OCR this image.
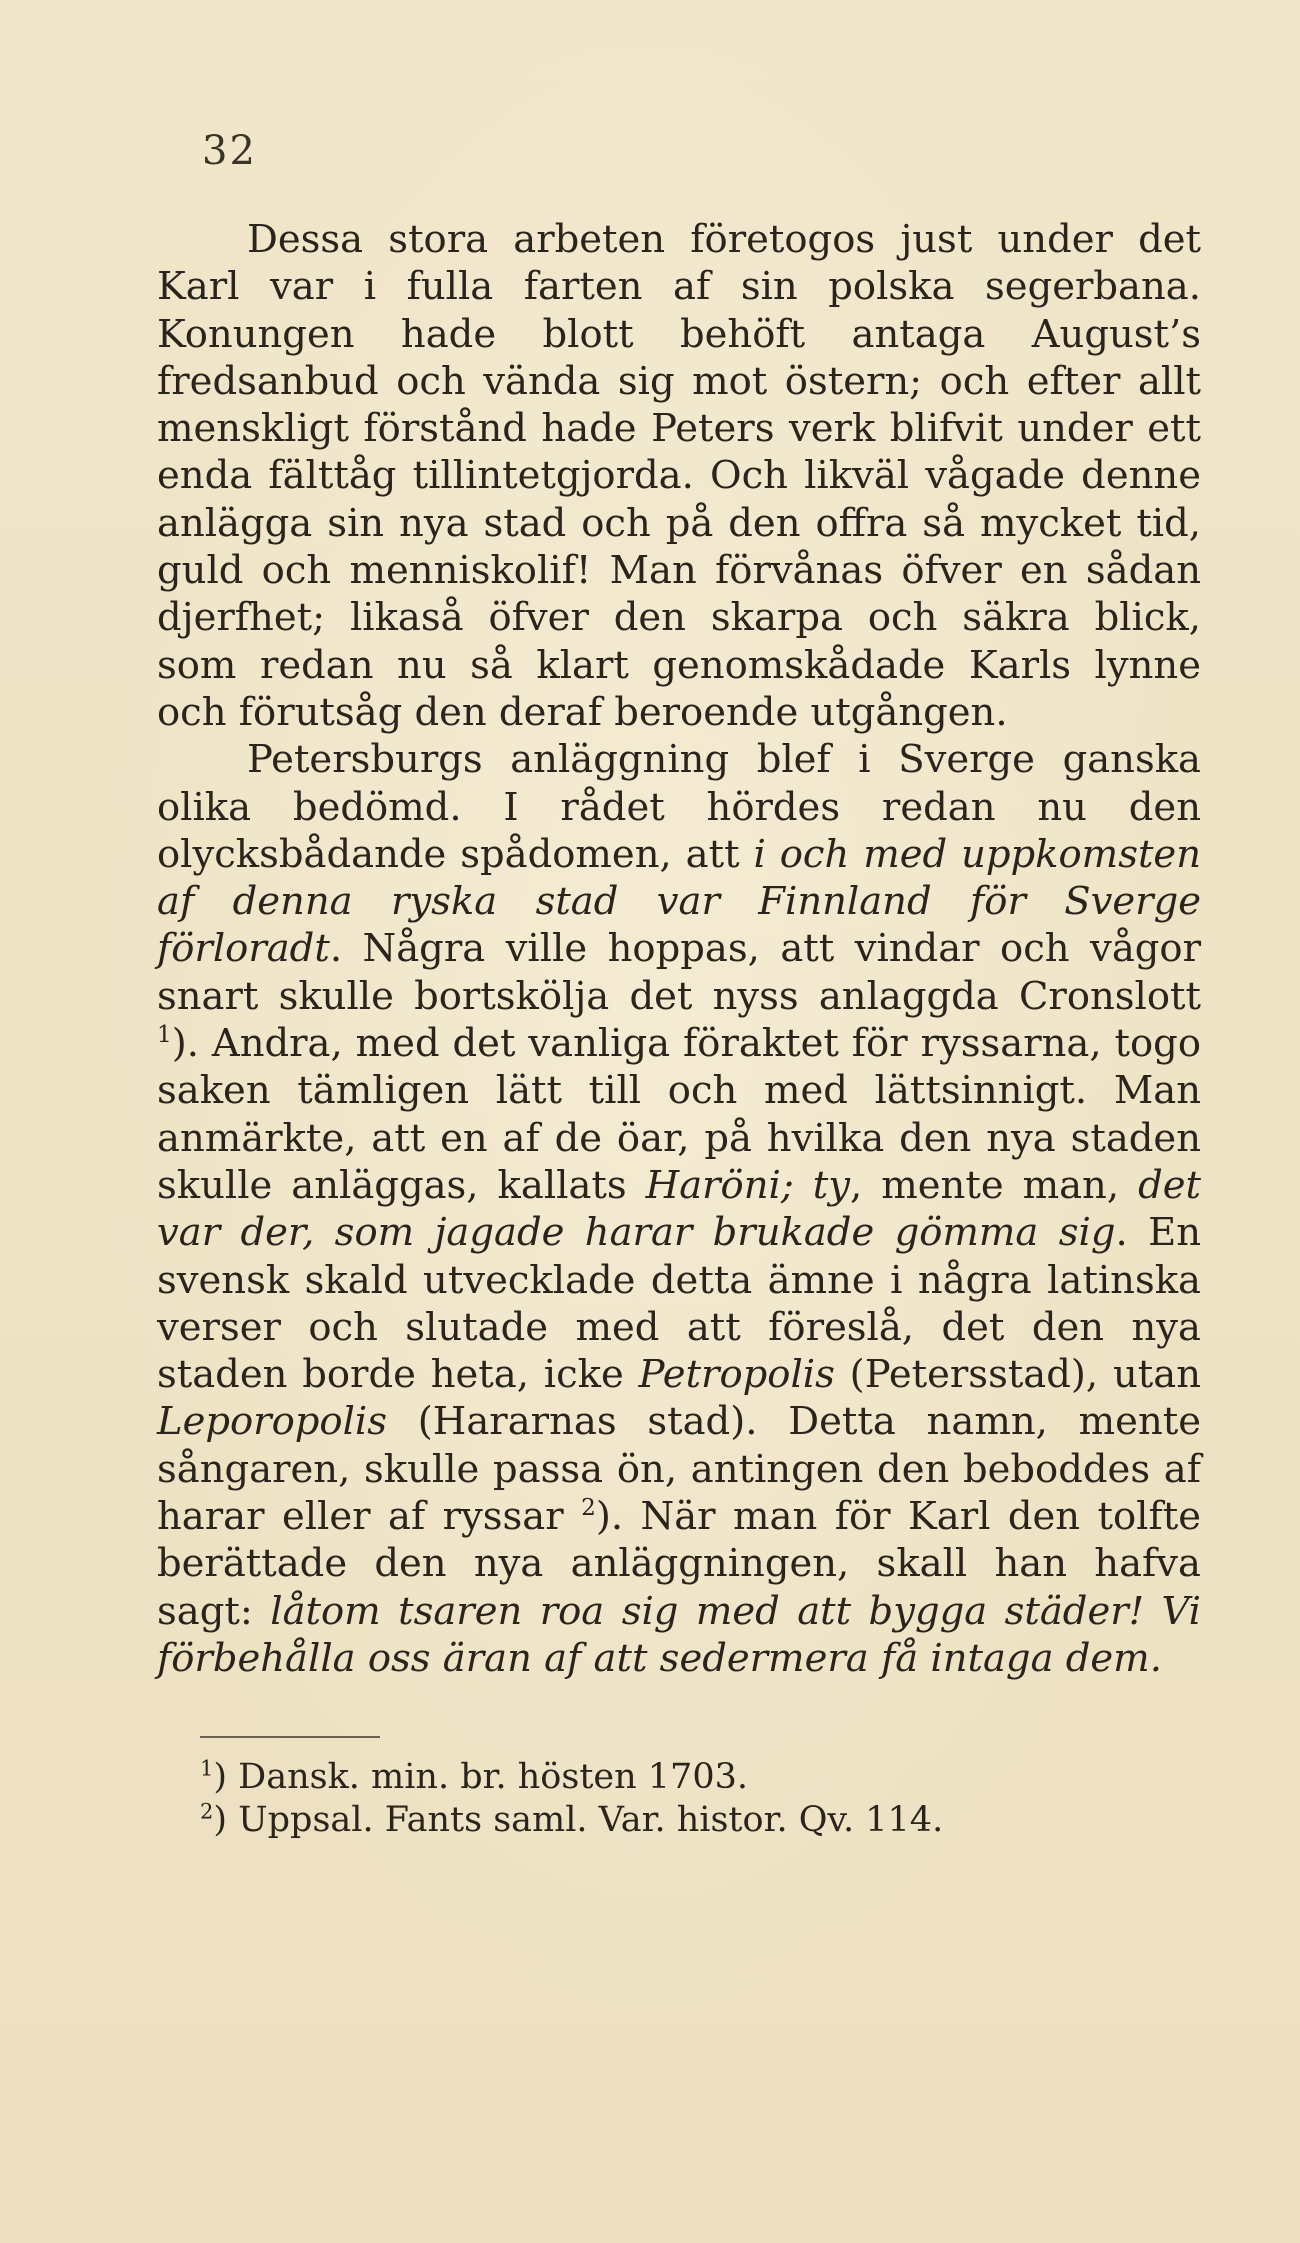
32

Dessa stora arbeten företogos just under det Karl var i fulla farten af sin polska segerbana. Konungen hade blott behöft antaga August’s fredsanbud och vända sig mot östern; och efter allt menskligt förstånd hade Peters verk blifvit under ett enda fälttåg tillintetgjorda. Och likväl vågade denne anlägga sin nya stad och på den offra så mycket tid, guld och menniskolif! Man förvånas öfver en sådan djerfhet; likaså öfver den skarpa och säkra blick, som redan nu så klart genomskådade Karls lynne och förutsåg den deraf beroende utgången.

Petersburgs anläggning blef i Sverge ganska olika bedömd. I rådet hördes redan nu den olycksbådande spådomen, att i och med uppkomsten af denna ryska stad var Finnland för Sverge förloradt. Några ville hoppas, att vindar och vågor snart skulle bortskölja det nyss anlaggda Cronslott $^1$). Andra, med det vanliga föraktet för ryssarna, togo saken tämligen lätt till och med lättsinnigt. Man anmärkte, att en af de öar, på hvilka den nya staden skulle anläggas, kallats Haröni; ty, mente man, det var der, som jagade harar brukade gömma sig. En svensk skald utvecklade detta ämne i några latinska verser och slutade med att föreslå, det den nya staden borde heta, icke Petropolis (Petersstad), utan Leporopolis (Hararnas stad). Detta namn, mente sångaren, skulle passa ön, antingen den beboddes af harar eller af ryssar $^2$). När man för Karl den tolfte berättade den nya anläggningen, skall han hafva sagt: låtom tsaren roa sig med att bygga städer! Vi förbehålla oss äran af att sedermera få intaga dem.

$^1$) Dansk. min. br. hösten 1703.
$^2$) Uppsal. Fants saml. Var. histor. Qv. 114.
